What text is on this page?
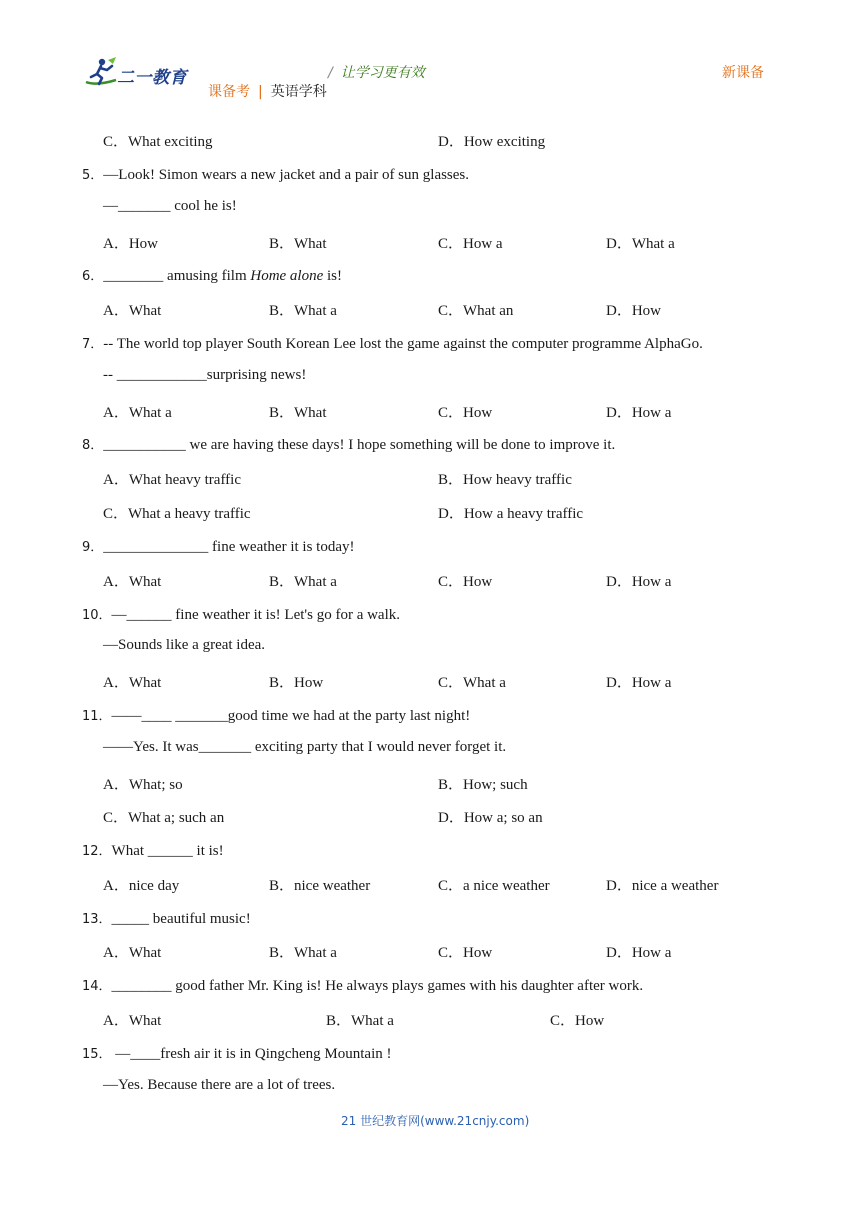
二一教育	/ 让学习更有效
课备考 | 英语学科
新课备
C．What exciting	D．How exciting
5．—Look! Simon wears a new jacket and a pair of sun glasses.
—_______ cool he is!
A．How	B．What	C．How a	D．What a
6．________ amusing film Home alone is!
A．What	B．What a	C．What an	D．How
7．-- The world top player South Korean Lee lost the game against the computer programme AlphaGo.
-- ____________surprising news!
A．What a	B．What	C．How	D．How a
8．___________ we are having these days! I hope something will be done to improve it.
A．What heavy traffic	B．How heavy traffic
C．What a heavy traffic	D．How a heavy traffic
9．______________ fine weather it is today!
A．What	B．What a	C．How	D．How a
10．—______ fine weather it is! Let's go for a walk.
—Sounds like a great idea.
A．What	B．How	C．What a	D．How a
11．——____ _______good time we had at the party last night!
——Yes. It was_______ exciting party that I would never forget it.
A．What; so	B．How; such
C．What a; such an	D．How a; so an
12．What ______ it is!
A．nice day	B．nice weather	C．a nice weather	D．nice a weather
13．_____ beautiful music!
A．What	B．What a	C．How	D．How a
14．________ good father Mr. King is! He always plays games with his daughter after work.
A．What	B．What a	C．How
15． —____fresh air it is in Qingcheng Mountain !
—Yes. Because there are a lot of trees.
21 世纪教育网(www.21cnjy.com)
